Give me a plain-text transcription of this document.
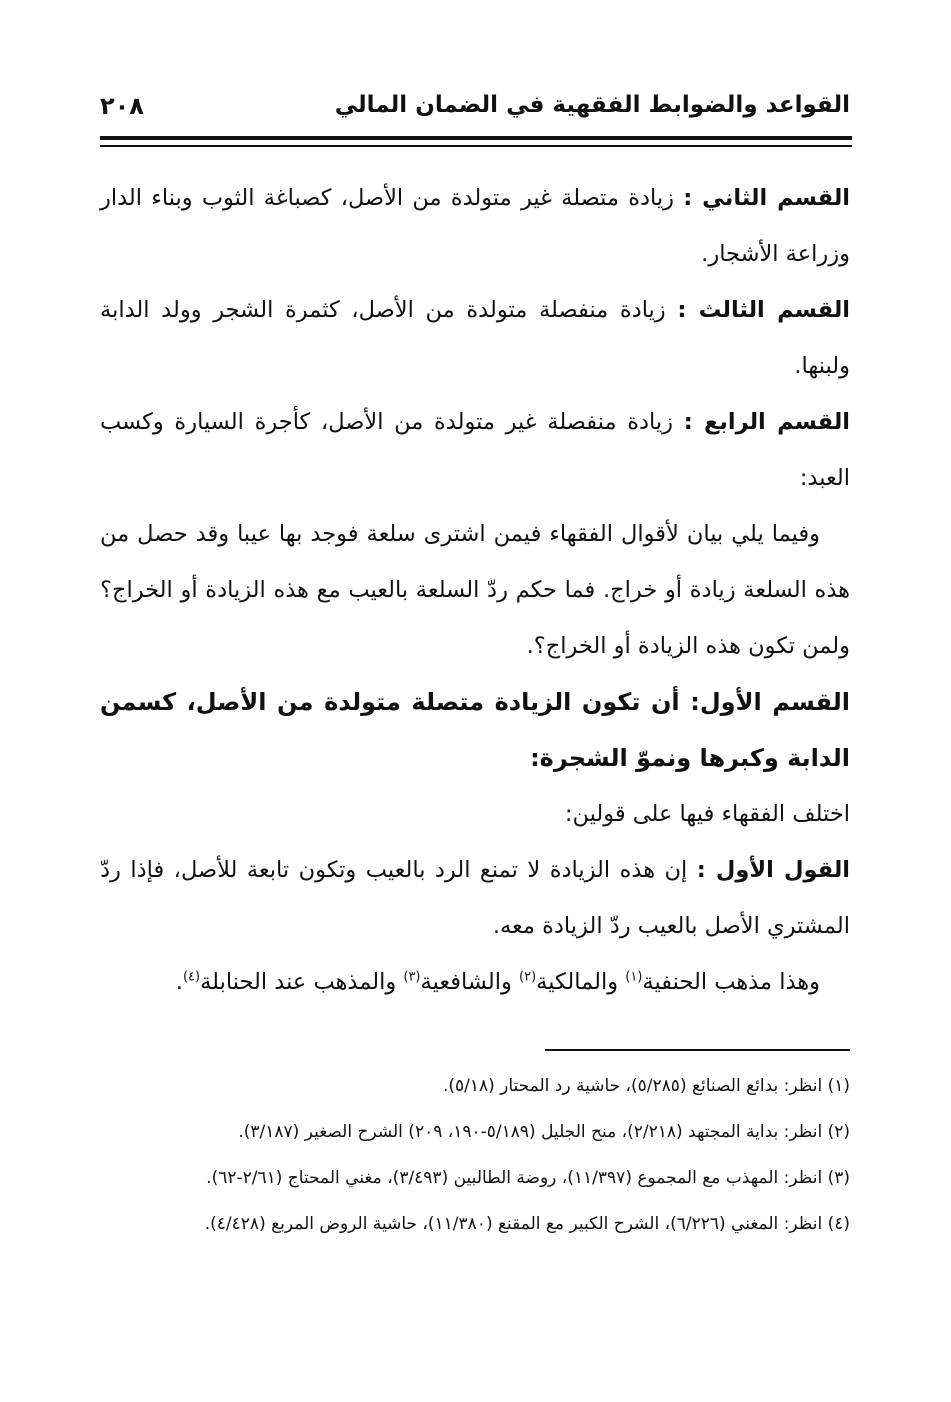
القواعد والضوابط الفقهية في الضمان المالي
٢٠٨

القسم الثاني : زيادة متصلة غير متولدة من الأصل، كصباغة الثوب وبناء الدار وزراعة الأشجار.

القسم الثالث : زيادة منفصلة متولدة من الأصل، كثمرة الشجر وولد الدابة ولبنها.

القسم الرابع : زيادة منفصلة غير متولدة من الأصل، كأجرة السيارة وكسب العبد:

وفيما يلي بيان لأقوال الفقهاء فيمن اشترى سلعة فوجد بها عيبا وقد حصل من هذه السلعة زيادة أو خراج. فما حكم ردّ السلعة بالعيب مع هذه الزيادة أو الخراج؟ ولمن تكون هذه الزيادة أو الخراج؟.

القسم الأول: أن تكون الزيادة متصلة متولدة من الأصل، كسمن الدابة وكبرها ونموّ الشجرة:

اختلف الفقهاء فيها على قولين:

القول الأول : إن هذه الزيادة لا تمنع الرد بالعيب وتكون تابعة للأصل، فإذا ردّ المشتري الأصل بالعيب ردّ الزيادة معه.

وهذا مذهب الحنفية$^{(١)}$ والمالكية$^{(٢)}$ والشافعية$^{(٣)}$ والمذهب عند الحنابلة$^{(٤)}$.

(١) انظر: بدائع الصنائع (٥/٢٨٥)، حاشية رد المحتار (٥/١٨).

(٢) انظر: بداية المجتهد (٢/٢١٨)، منح الجليل (٥/١٨٩-١٩٠، ٢٠٩) الشرح الصغير (٣/١٨٧).

(٣) انظر: المهذب مع المجموع (١١/٣٩٧)، روضة الطالبين (٣/٤٩٣)، مغني المحتاج (٢/٦١-٦٢).

(٤) انظر: المغني (٦/٢٢٦)، الشرح الكبير مع المقنع (١١/٣٨٠)، حاشية الروض المربع (٤/٤٢٨).
